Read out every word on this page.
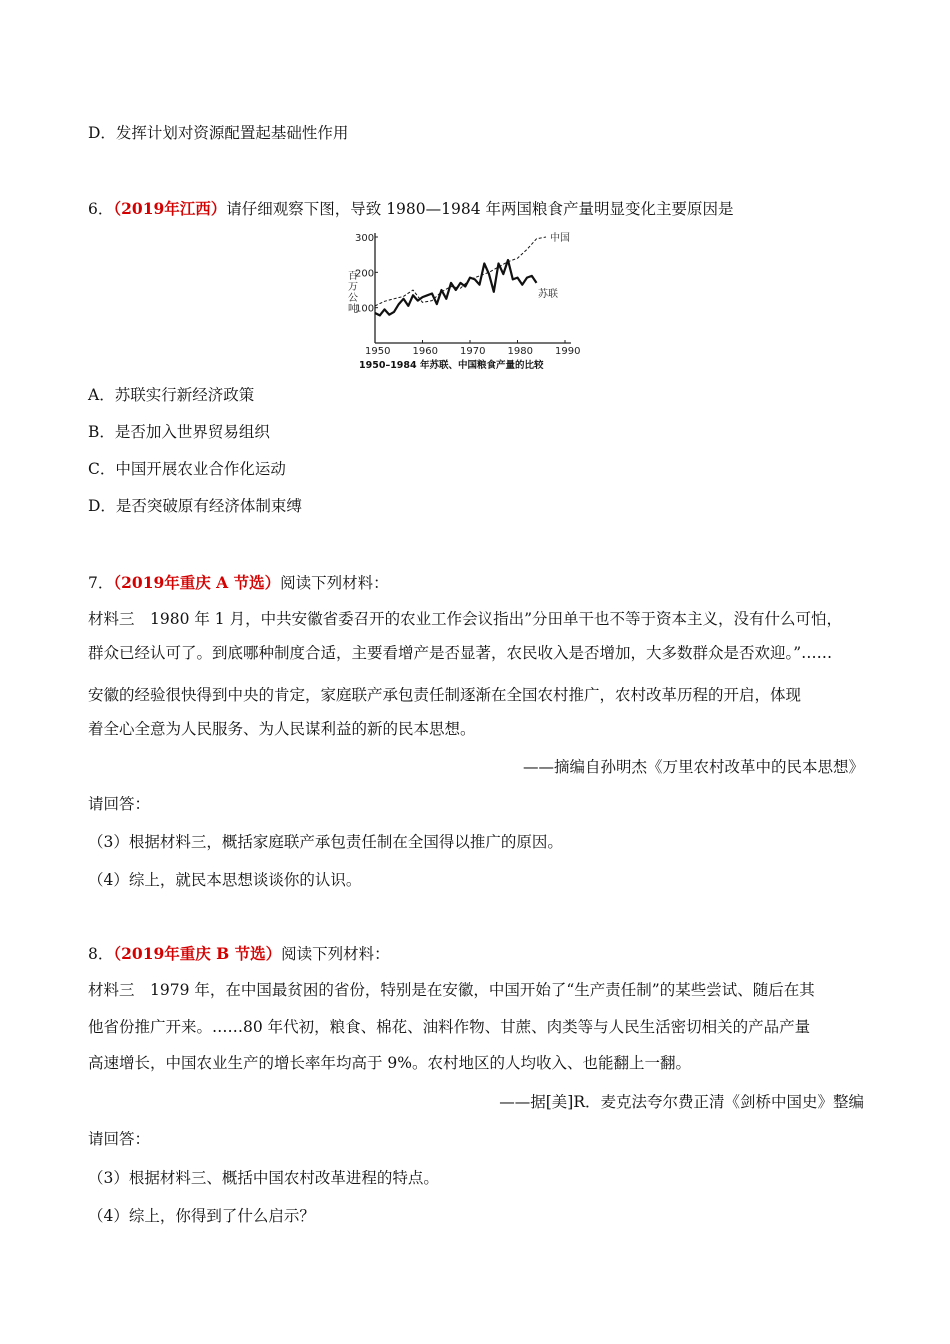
D．发挥计划对资源配置起基础性作用
6．（2019年江西）请仔细观察下图，导致 1980—1984 年两国粮食产量明显变化主要原因是
1950 1960 1970 1980 1990
100
200
300
百万公吨
中国
苏联
1950–1984 年苏联、中国粮食产量的比较
A．苏联实行新经济政策
B．是否加入世界贸易组织
C．中国开展农业合作化运动
D．是否突破原有经济体制束缚
7．（2019年重庆 A 节选）阅读下列材料：
材料三　1980 年 1 月，中共安徽省委召开的农业工作会议指出”分田单干也不等于资本主义，没有什么可怕，
群众已经认可了。到底哪种制度合适，主要看增产是否显著，农民收入是否增加，大多数群众是否欢迎。”……
安徽的经验很快得到中央的肯定，家庭联产承包责任制逐渐在全国农村推广，农村改革历程的开启，体现
着全心全意为人民服务、为人民谋利益的新的民本思想。
——摘编自孙明杰《万里农村改革中的民本思想》
请回答：
（3）根据材料三，概括家庭联产承包责任制在全国得以推广的原因。
（4）综上，就民本思想谈谈你的认识。
8．（2019年重庆 B 节选）阅读下列材料：
材料三　1979 年，在中国最贫困的省份，特别是在安徽，中国开始了“生产责任制”的某些尝试、随后在其
他省份推广开来。……80 年代初，粮食、棉花、油料作物、甘蔗、肉类等与人民生活密切相关的产品产量
高速增长，中国农业生产的增长率年均高于 9%。农村地区的人均收入、也能翻上一翻。
——据[美]R．麦克法夸尔费正清《剑桥中国史》整编
请回答：
（3）根据材料三、概括中国农村改革进程的特点。
（4）综上，你得到了什么启示？
